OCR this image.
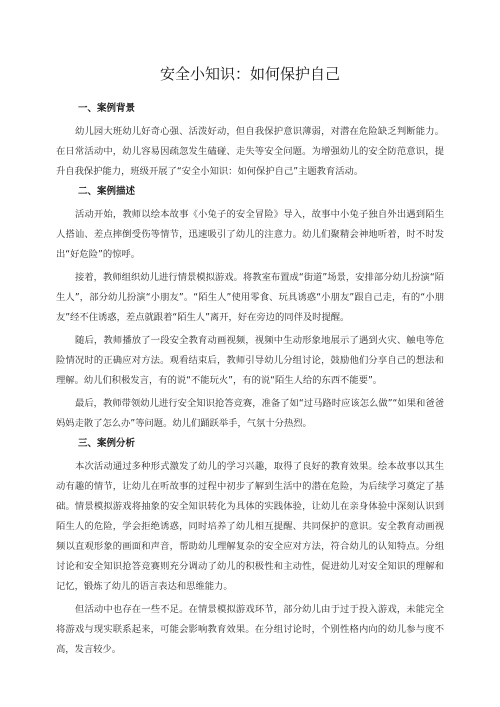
安全小知识：如何保护自己
一、案例背景

幼儿园大班幼儿好奇心强、活泼好动，但自我保护意识薄弱，对潜在危险缺乏判断能力。在日常活动中，幼儿容易因疏忽发生磕碰、走失等安全问题。为增强幼儿的安全防范意识，提升自我保护能力，班级开展了“安全小知识：如何保护自己”主题教育活动。

二、案例描述

活动开始，教师以绘本故事《小兔子的安全冒险》导入，故事中小兔子独自外出遇到陌生人搭讪、差点摔倒受伤等情节，迅速吸引了幼儿的注意力。幼儿们聚精会神地听着，时不时发出“好危险”的惊呼。

接着，教师组织幼儿进行情景模拟游戏。将教室布置成“街道”场景，安排部分幼儿扮演“陌生人”，部分幼儿扮演“小朋友”。“陌生人”使用零食、玩具诱惑“小朋友”跟自己走，有的“小朋友”经不住诱惑，差点就跟着“陌生人”离开，好在旁边的同伴及时提醒。

随后，教师播放了一段安全教育动画视频，视频中生动形象地展示了遇到火灾、触电等危险情况时的正确应对方法。观看结束后，教师引导幼儿分组讨论，鼓励他们分享自己的想法和理解。幼儿们积极发言，有的说“不能玩火”，有的说“陌生人给的东西不能要”。

最后，教师带领幼儿进行安全知识抢答竞赛，准备了如“过马路时应该怎么做”“如果和爸爸妈妈走散了怎么办”等问题。幼儿们踊跃举手，气氛十分热烈。

三、案例分析

本次活动通过多种形式激发了幼儿的学习兴趣，取得了良好的教育效果。绘本故事以其生动有趣的情节，让幼儿在听故事的过程中初步了解到生活中的潜在危险，为后续学习奠定了基础。情景模拟游戏将抽象的安全知识转化为具体的实践体验，让幼儿在亲身体验中深刻认识到陌生人的危险，学会拒绝诱惑，同时培养了幼儿相互提醒、共同保护的意识。安全教育动画视频以直观形象的画面和声音，帮助幼儿理解复杂的安全应对方法，符合幼儿的认知特点。分组讨论和安全知识抢答竞赛则充分调动了幼儿的积极性和主动性，促进幼儿对安全知识的理解和记忆，锻炼了幼儿的语言表达和思维能力。

但活动中也存在一些不足。在情景模拟游戏环节，部分幼儿由于过于投入游戏，未能完全将游戏与现实联系起来，可能会影响教育效果。在分组讨论时，个别性格内向的幼儿参与度不高，发言较少。
